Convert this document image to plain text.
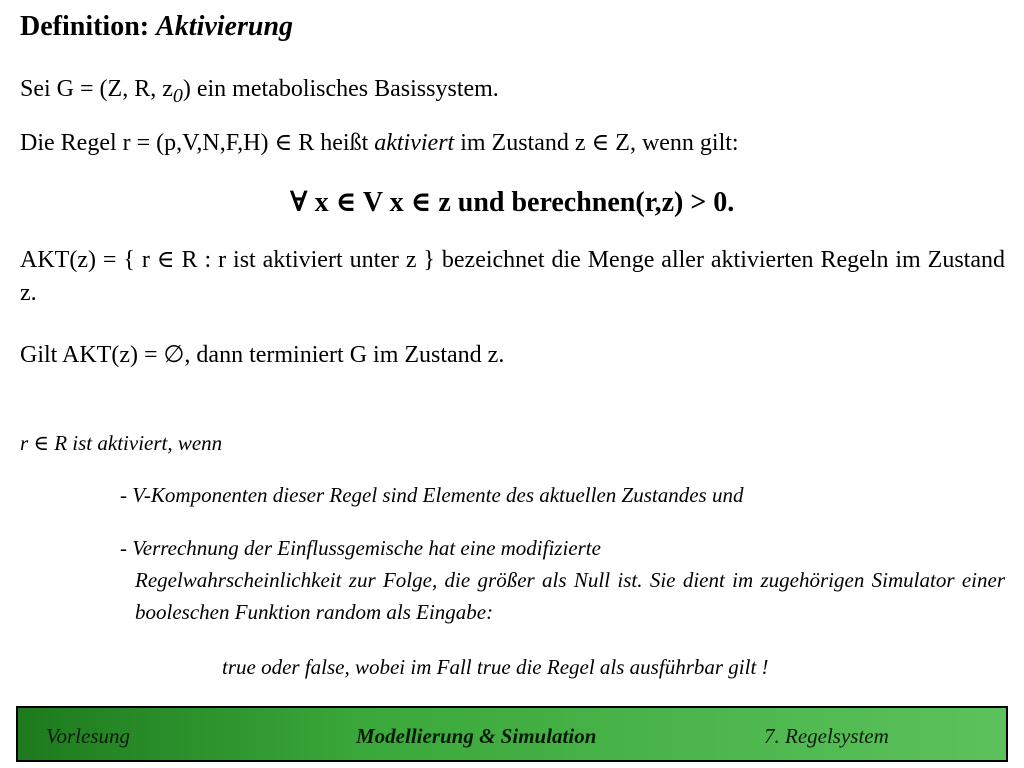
Definition: Aktivierung
Sei G = (Z, R, $z_0$) ein metabolisches Basissystem.
Die Regel r = (p,V,N,F,H) ∈ R heißt aktiviert im Zustand z ∈ Z, wenn gilt:
∀ x ∈ V x ∈ z und berechnen(r,z) > 0.
AKT(z) = { r ∈ R : r ist aktiviert unter z } bezeichnet die Menge aller aktivierten Regeln im Zustand z.
Gilt AKT(z) = ∅, dann terminiert G im Zustand z.
r ∈ R ist aktiviert, wenn
- V-Komponenten dieser Regel sind Elemente des aktuellen Zustandes und
- Verrechnung der Einflussgemische hat eine modifizierte
Regelwahrscheinlichkeit zur Folge, die größer als Null ist. Sie dient im zugehörigen Simulator einer booleschen Funktion random als Eingabe:
true oder false, wobei im Fall true die Regel als ausführbar gilt !
Vorlesung	Modellierung & Simulation	7. Regelsystem
